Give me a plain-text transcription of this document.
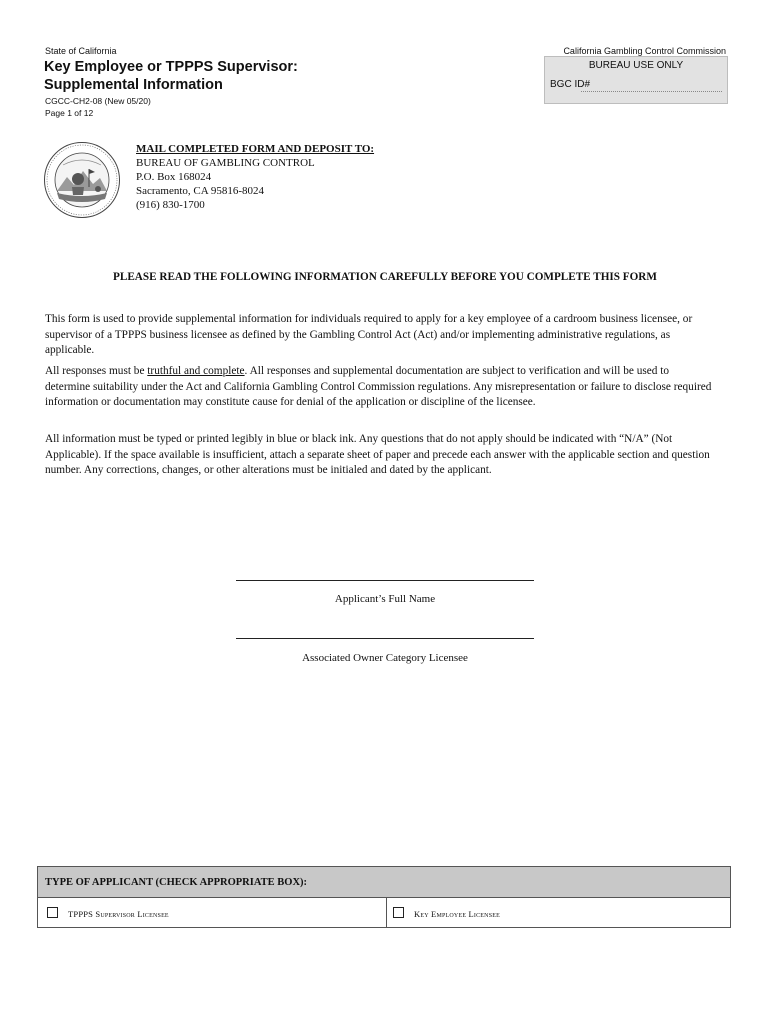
State of California
Key Employee or TPPPS Supervisor:
Supplemental Information
CGCC-CH2-08 (New 05/20)
Page 1 of 12
California Gambling Control Commission
BUREAU USE ONLY
BGC ID#
MAIL COMPLETED FORM AND DEPOSIT TO:
BUREAU OF GAMBLING CONTROL
P.O. Box 168024
Sacramento, CA 95816-8024
(916) 830-1700
PLEASE READ THE FOLLOWING INFORMATION CAREFULLY BEFORE YOU COMPLETE THIS FORM
This form is used to provide supplemental information for individuals required to apply for a key employee of a cardroom business licensee, or supervisor of a TPPPS business licensee as defined by the Gambling Control Act (Act) and/or implementing administrative regulations, as applicable.
All responses must be truthful and complete. All responses and supplemental documentation are subject to verification and will be used to determine suitability under the Act and California Gambling Control Commission regulations. Any misrepresentation or failure to disclose required information or documentation may constitute cause for denial of the application or discipline of the licensee.
All information must be typed or printed legibly in blue or black ink. Any questions that do not apply should be indicated with “N/A” (Not Applicable). If the space available is insufficient, attach a separate sheet of paper and precede each answer with the applicable section and question number. Any corrections, changes, or other alterations must be initialed and dated by the applicant.
Applicant’s Full Name
Associated Owner Category Licensee
TYPE OF APPLICANT (CHECK APPROPRIATE BOX):
TPPPS Supervisor Licensee	Key Employee Licensee
